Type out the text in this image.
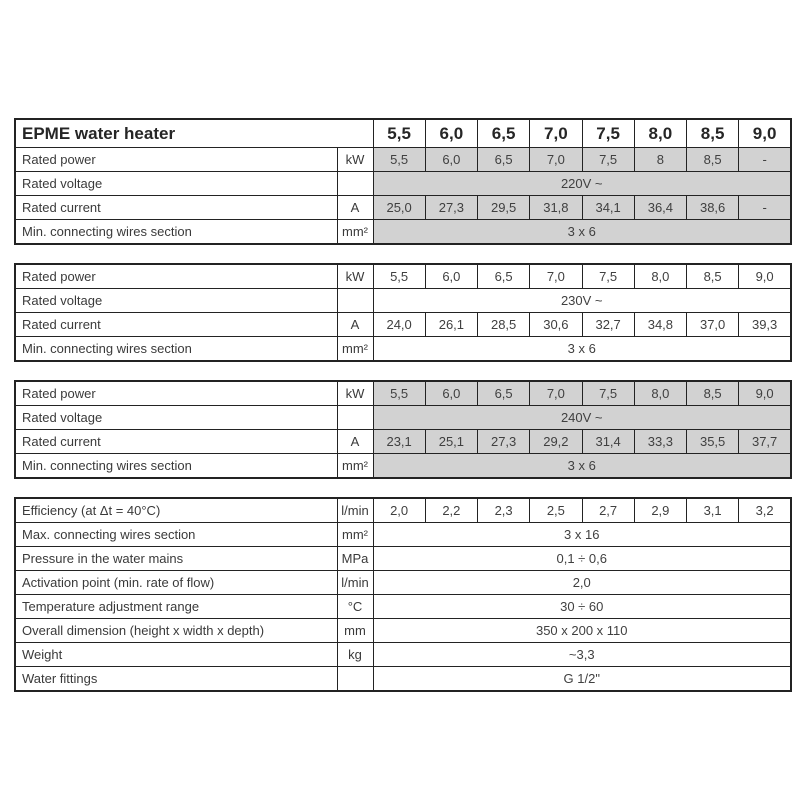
EPME water heater		5,5	6,0	6,5	7,0	7,5	8,0	8,5	9,0
Rated power	kW	5,5	6,0	6,5	7,0	7,5	8	8,5	-
Rated voltage		220V ~							
Rated current	A	25,0	27,3	29,5	31,8	34,1	36,4	38,6	-
Min. connecting wires section	mm²	3 x 6							
Rated power	kW	5,5	6,0	6,5	7,0	7,5	8,0	8,5	9,0
Rated voltage		230V ~							
Rated current	A	24,0	26,1	28,5	30,6	32,7	34,8	37,0	39,3
Min. connecting wires section	mm²	3 x 6							
Rated power	kW	5,5	6,0	6,5	7,0	7,5	8,0	8,5	9,0
Rated voltage		240V ~							
Rated current	A	23,1	25,1	27,3	29,2	31,4	33,3	35,5	37,7
Min. connecting wires section	mm²	3 x 6							
Efficiency (at Δt = 40°C)	l/min	2,0	2,2	2,3	2,5	2,7	2,9	3,1	3,2
Max. connecting wires section	mm²	3 x 16							
Pressure in the water mains	MPa	0,1 ÷ 0,6							
Activation point (min. rate of flow)	l/min	2,0							
Temperature adjustment range	°C	30 ÷ 60							
Overall dimension (height x width x depth)	mm	350 x 200 x 110							
Weight	kg	~3,3							
Water fittings		G 1/2"							
